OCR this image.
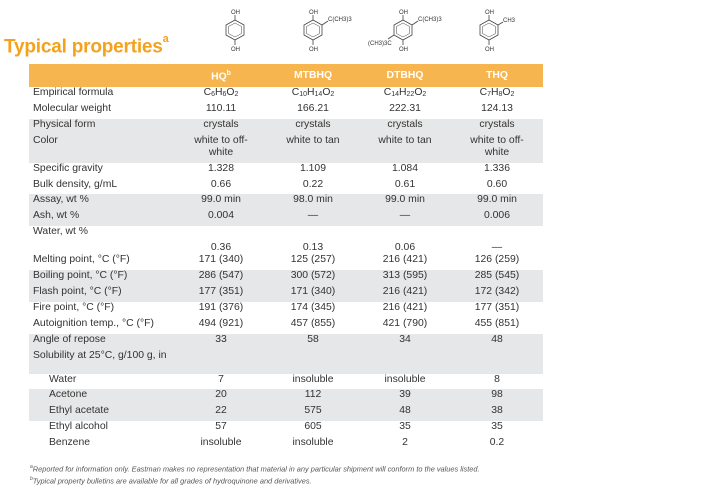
Typical properties$^a$
OH
OH
OH
C(CH3)3
OH
OH
C(CH3)3
(CH3)3C
OH
OH
CH3
OH
	$HQ^b$	MTBHQ	DTBHQ	THQ
Empirical formula	$C_6H_6O_2$	$C_{10}H_{14}O_2$	$C_{14}H_{22}O_2$	$C_7H_8O_2$
Molecular weight	110.11	166.21	222.31	124.13
Physical form	crystals	crystals	crystals	crystals
Color	white to off-white	white to tan	white to tan	white to off-white
Specific gravity	1.328	1.109	1.084	1.336
Bulk density, g/mL	0.66	0.22	0.61	0.60
Assay, wt %	99.0 min	98.0 min	99.0 min	99.0 min
Ash, wt %	0.004	—	—	0.006
Water, wt %	0.36	0.13	0.06	—
Melting point, °C (°F)	171 (340)	125 (257)	216 (421)	126 (259)
Boiling point, °C (°F)	286 (547)	300 (572)	313 (595)	285 (545)
Flash point, °C (°F)	177 (351)	171 (340)	216 (421)	172 (342)
Fire point, °C (°F)	191 (376)	174 (345)	216 (421)	177 (351)
Autoignition temp., °C (°F)	494 (921)	457 (855)	421 (790)	455 (851)
Angle of repose	33	58	34	48
Solubility at 25°C, g/100 g, in				
Water	7	insoluble	insoluble	8
Acetone	20	112	39	98
Ethyl acetate	22	575	48	38
Ethyl alcohol	57	605	35	35
Benzene	insoluble	insoluble	2	0.2
$^a$Reported for information only. Eastman makes no representation that material in any particular shipment will conform to the values listed.
$^b$Typical property bulletins are available for all grades of hydroquinone and derivatives.
